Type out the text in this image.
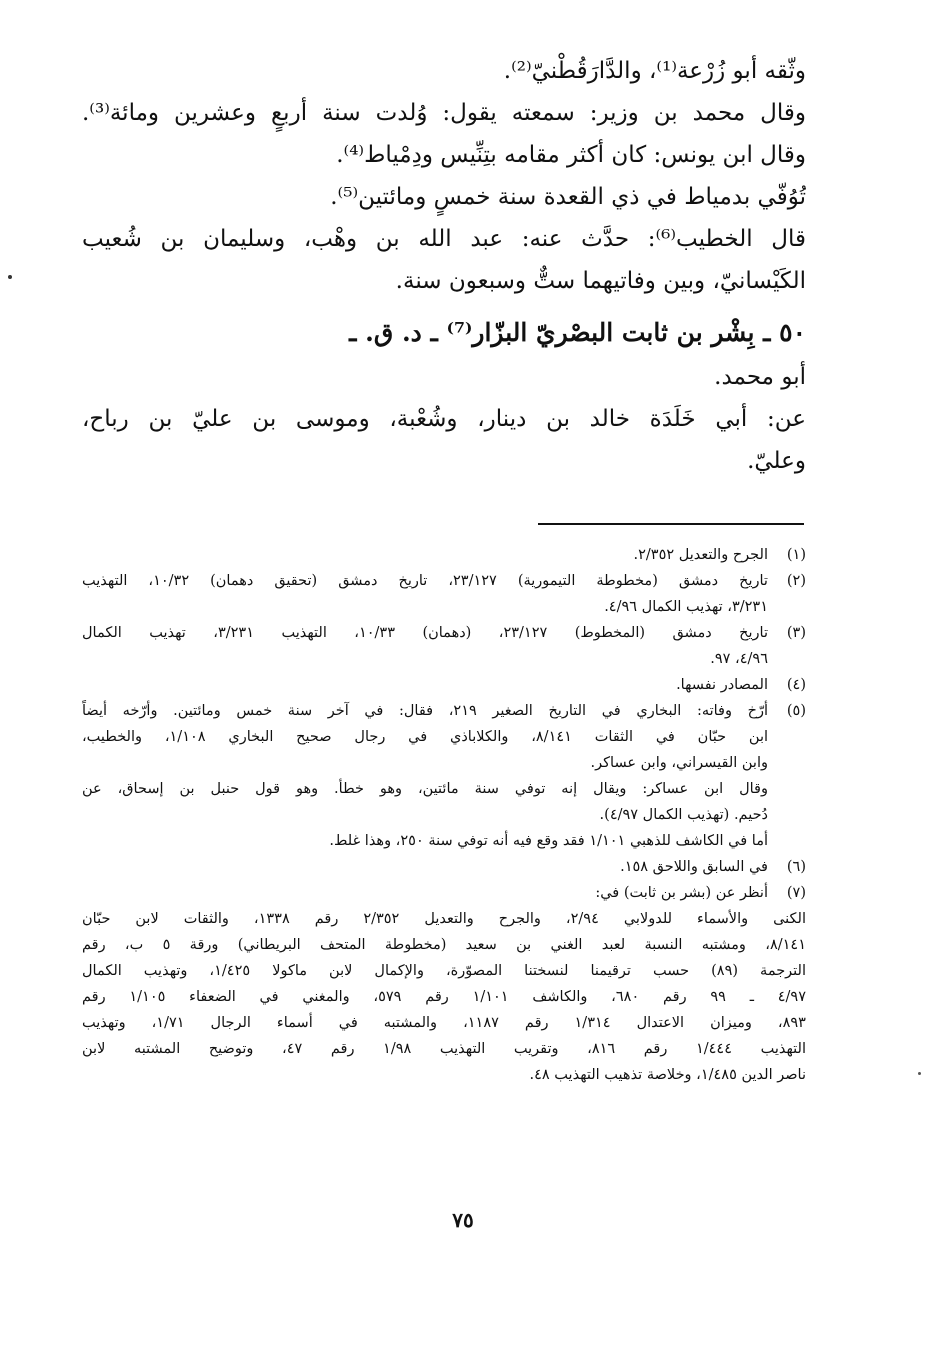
وثّقه أبو زُرْعة⁽¹⁾، والدَّارَقُطْنيّ⁽²⁾.
وقال محمد بن وزير: سمعته يقول: وُلدت سنة أربعٍ وعشرين ومائة⁽³⁾.
وقال ابن يونس: كان أكثر مقامه بتِنِّيس ودِمْياط⁽⁴⁾.
تُوُفّي بدمياط في ذي القعدة سنة خمسٍ ومائتين⁽⁵⁾.
قال الخطيب⁽⁶⁾: حدَّث عنه: عبد الله بن وهْب، وسليمان بن شُعيب
الكَيْسانيّ، وبين وفاتيهما ستٌّ وسبعون سنة.
٥٠ ـ بِشْر بن ثابت البصْريّ البزّار⁽⁷⁾ ـ د. ق. ـ
أبو محمد.
عن: أبي خَلَدَة خالد بن دينار، وشُعْبة، وموسى بن عليّ بن رباح،
وعليّ.
(١)
الجرح والتعديل ٢/٣٥٢.
(٢)
تاريخ دمشق (مخطوطة التيمورية) ٢٣/١٢٧، تاريخ دمشق (تحقيق دهمان) ١٠/٣٢، التهذيب
٣/٢٣١، تهذيب الكمال ٤/٩٦.
(٣)
تاريخ دمشق (المخطوط) ٢٣/١٢٧، (دهمان) ١٠/٣٣، التهذيب ٣/٢٣١، تهذيب الكمال
٤/٩٦، ٩٧.
(٤)
المصادر نفسها.
(٥)
أرّخ وفاته: البخاري في التاريخ الصغير ٢١٩، فقال: في آخر سنة خمس ومائتين. وأرّخه أيضاً
ابن حبّان في الثقات ٨/١٤١، والكلاباذي في رجال صحيح البخاري ١/١٠٨، والخطيب،
وابن القيسراني، وابن عساكر.
وقال ابن عساكر: ويقال إنه توفي سنة مائتين، وهو خطأ. وهو قول حنبل بن إسحاق، عن
دُحيم. (تهذيب الكمال ٤/٩٧).
أما في الكاشف للذهبي ١/١٠١ فقد وقع فيه أنه توفي سنة ٢٥٠، وهذا غلط.
(٦)
في السابق واللاحق ١٥٨.
(٧)
أنظر عن (بشر بن ثابت) في:
الكنى والأسماء للدولابي ٢/٩٤، والجرح والتعديل ٢/٣٥٢ رقم ١٣٣٨، والثقات لابن حبّان
٨/١٤١، ومشتبه النسبة لعبد الغني بن سعيد (مخطوطة المتحف البريطاني) ورقة ٥ ب، رقم
الترجمة (٨٩) حسب ترقيمنا لنسختنا المصوّرة، والإكمال لابن ماكولا ١/٤٢٥، وتهذيب الكمال
٤/٩٧ ـ ٩٩ رقم ٦٨٠، والكاشف ١/١٠١ رقم ٥٧٩، والمغني في الضعفاء ١/١٠٥ رقم
٨٩٣، وميزان الاعتدال ١/٣١٤ رقم ١١٨٧، والمشتبه في أسماء الرجال ١/٧١، وتهذيب
التهذيب ١/٤٤٤ رقم ٨١٦، وتقريب التهذيب ١/٩٨ رقم ٤٧، وتوضيح المشتبه لابن
ناصر الدين ١/٤٨٥، وخلاصة تذهيب التهذيب ٤٨.
٧٥
